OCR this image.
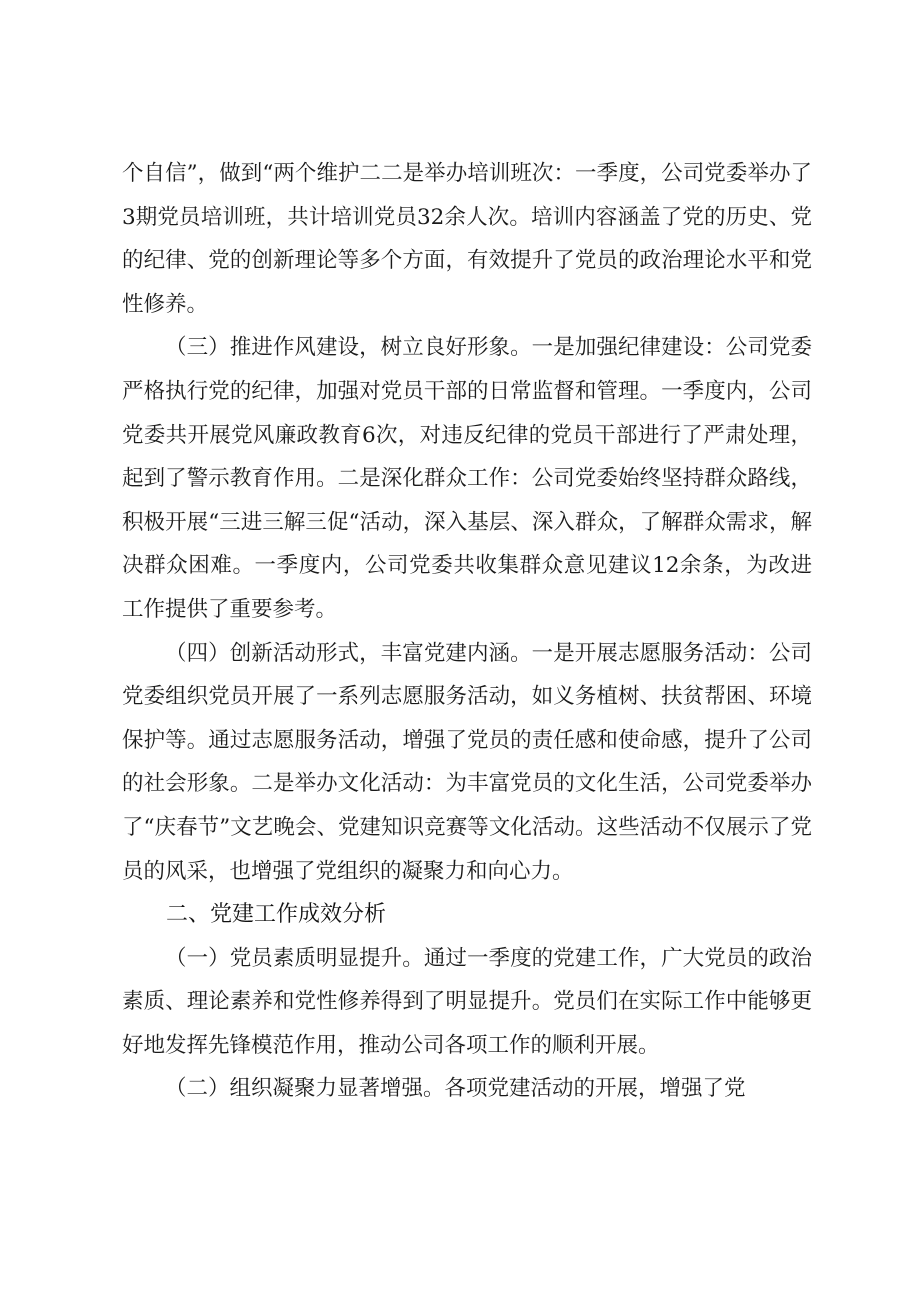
个自信”，做到“两个维护二二是举办培训班次：一季度，公司党委举办了3期党员培训班，共计培训党员32余人次。培训内容涵盖了党的历史、党的纪律、党的创新理论等多个方面，有效提升了党员的政治理论水平和党性修养。

（三）推进作风建设，树立良好形象。一是加强纪律建设：公司党委严格执行党的纪律，加强对党员干部的日常监督和管理。一季度内，公司党委共开展党风廉政教育6次，对违反纪律的党员干部进行了严肃处理，起到了警示教育作用。二是深化群众工作：公司党委始终坚持群众路线，积极开展“三进三解三促“活动，深入基层、深入群众，了解群众需求，解决群众困难。一季度内，公司党委共收集群众意见建议12余条，为改进工作提供了重要参考。

（四）创新活动形式，丰富党建内涵。一是开展志愿服务活动：公司党委组织党员开展了一系列志愿服务活动，如义务植树、扶贫帮困、环境保护等。通过志愿服务活动，增强了党员的责任感和使命感，提升了公司的社会形象。二是举办文化活动：为丰富党员的文化生活，公司党委举办了“庆春节”文艺晚会、党建知识竞赛等文化活动。这些活动不仅展示了党员的风采，也增强了党组织的凝聚力和向心力。

二、党建工作成效分析

（一）党员素质明显提升。通过一季度的党建工作，广大党员的政治素质、理论素养和党性修养得到了明显提升。党员们在实际工作中能够更好地发挥先锋模范作用，推动公司各项工作的顺利开展。

（二）组织凝聚力显著增强。各项党建活动的开展，增强了党
